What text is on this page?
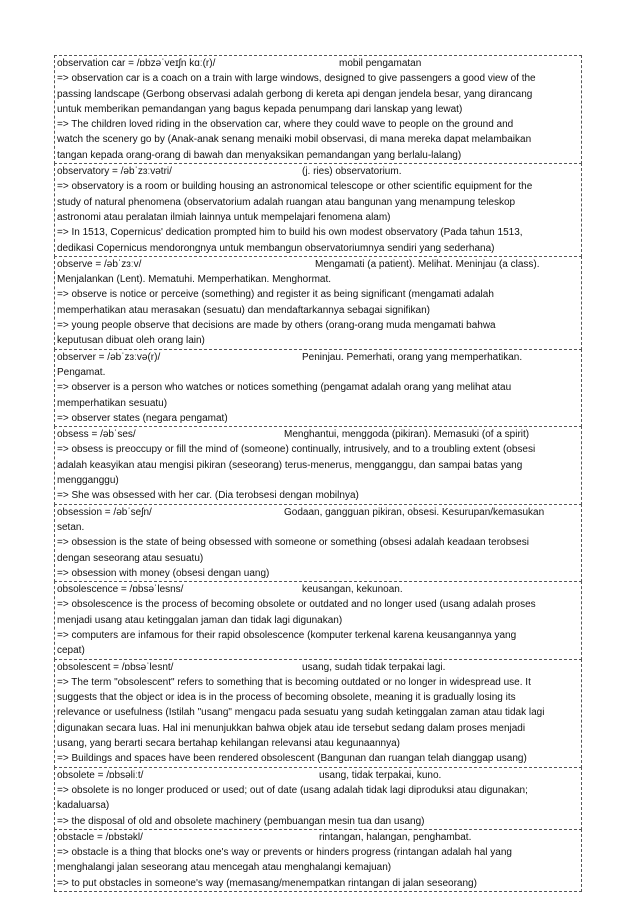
observation car = /ɒbzəˈveɪʃn kɑː(r)/	mobil pengamatan
=> observation car is a coach on a train with large windows, designed to give passengers a good view of the
passing landscape (Gerbong observasi adalah gerbong di kereta api dengan jendela besar, yang dirancang
untuk memberikan pemandangan yang bagus kepada penumpang dari lanskap yang lewat)
=> The children loved riding in the observation car, where they could wave to people on the ground and
watch the scenery go by (Anak-anak senang menaiki mobil observasi, di mana mereka dapat melambaikan
tangan kepada orang-orang di bawah dan menyaksikan pemandangan yang berlalu-lalang)
observatory = /əbˈzɜːvətri/	(j. ries) observatorium.
=> observatory is a room or building housing an astronomical telescope or other scientific equipment for the
study of natural phenomena (observatorium adalah ruangan atau bangunan yang menampung teleskop
astronomi atau peralatan ilmiah lainnya untuk mempelajari fenomena alam)
=> In 1513, Copernicus' dedication prompted him to build his own modest observatory (Pada tahun 1513,
dedikasi Copernicus mendorongnya untuk membangun observatoriumnya sendiri yang sederhana)
observe = /əbˈzɜːv/	Mengamati (a patient). Melihat. Meninjau (a class).
Menjalankan (Lent). Mematuhi. Memperhatikan. Menghormat.
=> observe is notice or perceive (something) and register it as being significant (mengamati adalah
memperhatikan atau merasakan (sesuatu) dan mendaftarkannya sebagai signifikan)
=> young people observe that decisions are made by others (orang-orang muda mengamati bahwa
keputusan dibuat oleh orang lain)
observer = /əbˈzɜːvə(r)/	Peninjau. Pemerhati, orang yang memperhatikan.
Pengamat.
=> observer is a person who watches or notices something (pengamat adalah orang yang melihat atau
memperhatikan sesuatu)
=> observer states (negara pengamat)
obsess = /əbˈses/	Menghantui, menggoda (pikiran). Memasuki (of a spirit)
=> obsess is preoccupy or fill the mind of (someone) continually, intrusively, and to a troubling extent (obsesi
adalah keasyikan atau mengisi pikiran (seseorang) terus-menerus, mengganggu, dan sampai batas yang
mengganggu)
=> She was obsessed with her car. (Dia terobsesi dengan mobilnya)
obsession = /əbˈseʃn/	Godaan, gangguan pikiran, obsesi. Kesurupan/kemasukan
setan.
=> obsession is the state of being obsessed with someone or something (obsesi adalah keadaan terobsesi
dengan seseorang atau sesuatu)
=> obsession with money (obsesi dengan uang)
obsolescence = /ɒbsəˈlesns/	keusangan, kekunoan.
=> obsolescence is the process of becoming obsolete or outdated and no longer used (usang adalah proses
menjadi usang atau ketinggalan jaman dan tidak lagi digunakan)
=> computers are infamous for their rapid obsolescence (komputer terkenal karena keusangannya yang
cepat)
obsolescent = /ɒbsəˈlesnt/	usang, sudah tidak terpakai lagi.
=> The term "obsolescent" refers to something that is becoming outdated or no longer in widespread use. It
suggests that the object or idea is in the process of becoming obsolete, meaning it is gradually losing its
relevance or usefulness (Istilah "usang" mengacu pada sesuatu yang sudah ketinggalan zaman atau tidak lagi
digunakan secara luas. Hal ini menunjukkan bahwa objek atau ide tersebut sedang dalam proses menjadi
usang, yang berarti secara bertahap kehilangan relevansi atau kegunaannya)
=> Buildings and spaces have been rendered obsolescent (Bangunan dan ruangan telah dianggap usang)
obsolete = /ɒbsəliːt/	usang, tidak terpakai, kuno.
=> obsolete is no longer produced or used; out of date (usang adalah tidak lagi diproduksi atau digunakan;
kadaluarsa)
=> the disposal of old and obsolete machinery (pembuangan mesin tua dan usang)
obstacle = /ɒbstəkl/	rintangan, halangan, penghambat.
=> obstacle is a thing that blocks one's way or prevents or hinders progress (rintangan adalah hal yang
menghalangi jalan seseorang atau mencegah atau menghalangi kemajuan)
=> to put obstacles in someone's way (memasang/menempatkan rintangan di jalan seseorang)
